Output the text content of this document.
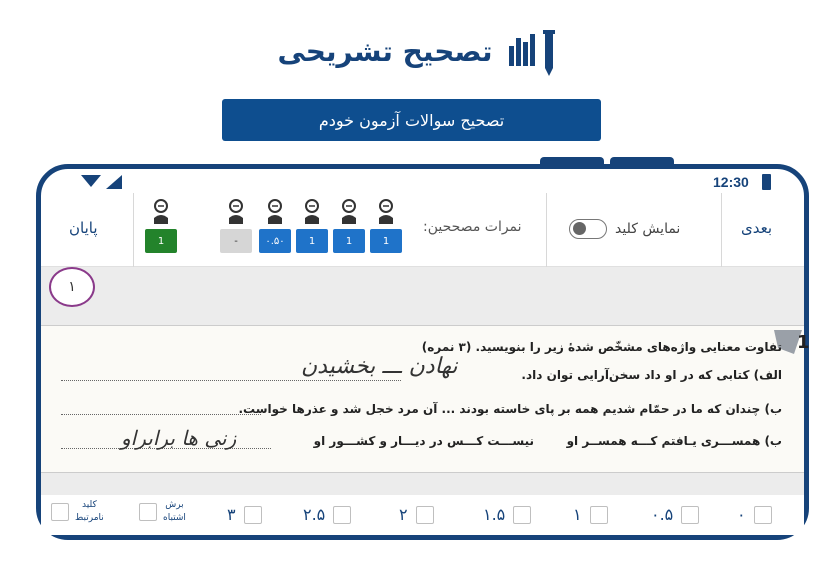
تصحیح تشریحی
تصحیح سوالات آزمون خودم
12:30
بعدی
نمایش کلید
نمرات مصححین:
1
1
1
۰.۵۰
-
1
پایان
۱
1
تفاوت معنایی واژه‌های مشخّص شدهٔ زیر را بنویسید. (۳ نمره)
الف) کتابی که در او داد سخن‌آرایی توان داد.
نهادن ـــ بخشیدن
ب) چندان که ما در حمّام شدیم همه بر پای خاسته بودند ... آن مرد خجل شد و عذرها خواست.
ب) همســـری یـافتم کـــه همســر او
نیســـت کـــس در دیـــار و کشـــور او
زنی ها برابراو
۰
۰.۵
۱
۱.۵
۲
۲.۵
۳
برش
اشتباه
کلید
نامرتبط
